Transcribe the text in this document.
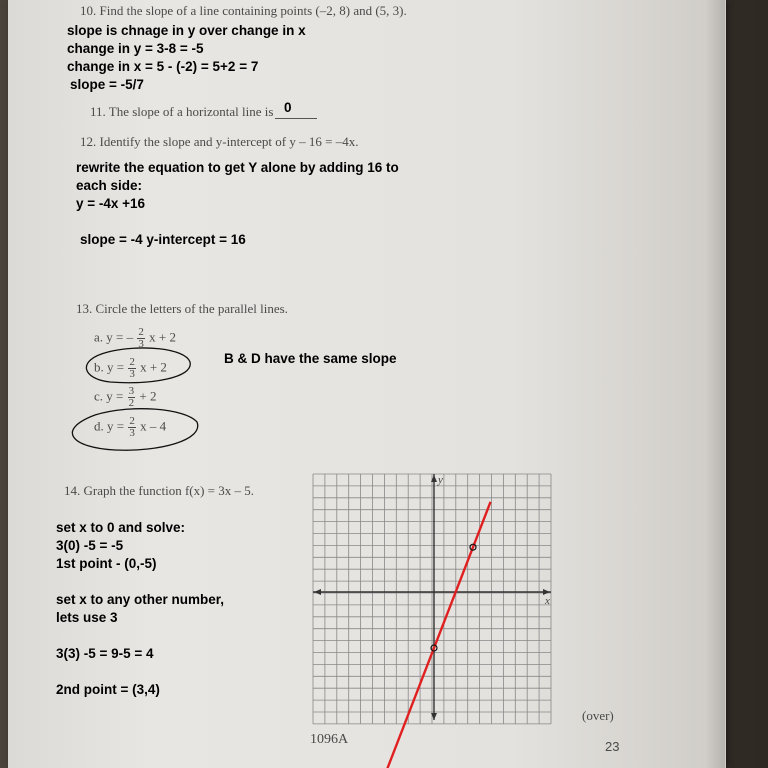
10. Find the slope of a line containing points (–2, 8) and (5, 3).
slope is chnage in y over change in x
change in y = 3-8 = -5
change in x = 5 - (-2) = 5+2 = 7
slope = -5/7
11. The slope of a horizontal line is 0
12. Identify the slope and y-intercept of y – 16 = –4x.
rewrite the equation to get Y alone by adding 16 to
each side:
y = -4x +16
slope = -4 y-intercept = 16
13. Circle the letters of the parallel lines.
a. y = – $\frac{2}{3}$ x + 2
b. $y = \frac{2}{3}$ x + 2
c. $y = \frac{3}{2} + 2$
d. $y = \frac{2}{3}$ x – 4
B & D have the same slope
14. Graph the function f(x) = 3x – 5.
set x to 0 and solve:
3(0) -5 = -5
1st point - (0,-5)
set x to any other number,
lets use 3
3(3) -5 = 9-5 = 4
2nd point = (3,4)
y
x
1096A
(over)
23
